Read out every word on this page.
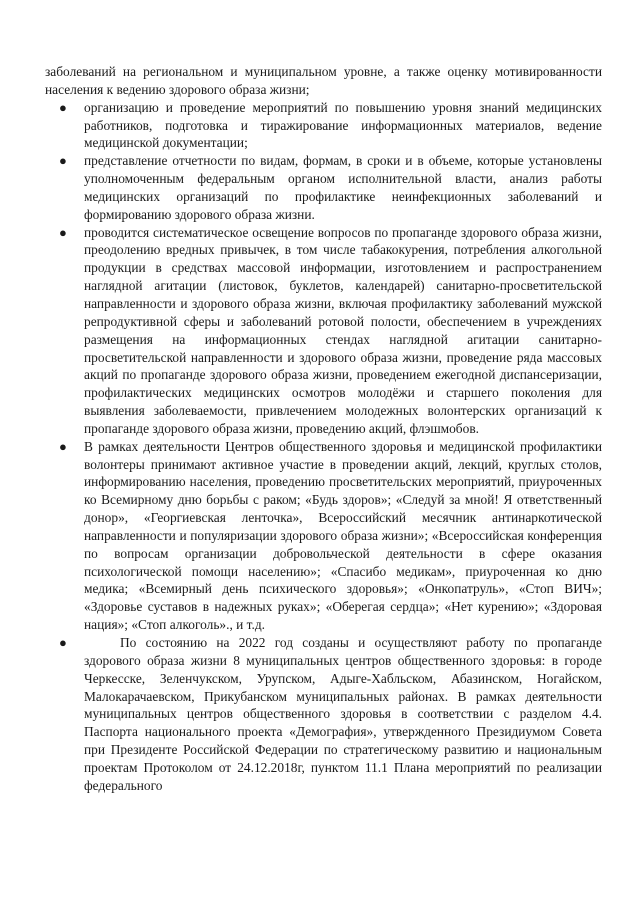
заболеваний на региональном и муниципальном уровне, а также оценку мотивированности населения к ведению здорового образа жизни;

● организацию и проведение мероприятий по повышению уровня знаний медицинских работников, подготовка и тиражирование информационных материалов, ведение медицинской документации;
● представление отчетности по видам, формам, в сроки и в объеме, которые установлены уполномоченным федеральным органом исполнительной власти, анализ работы медицинских организаций по профилактике неинфекционных заболеваний и формированию здорового образа жизни.
● проводится систематическое освещение вопросов по пропаганде здорового образа жизни, преодолению вредных привычек, в том числе табакокурения, потребления алкогольной продукции в средствах массовой информации, изготовлением и распространением наглядной агитации (листовок, буклетов, календарей) санитарно-просветительской направленности и здорового образа жизни, включая профилактику заболеваний мужской репродуктивной сферы и заболеваний ротовой полости, обеспечением в учреждениях размещения на информационных стендах наглядной агитации санитарно-просветительской направленности и здорового образа жизни, проведение ряда массовых акций по пропаганде здорового образа жизни, проведением ежегодной диспансеризации, профилактических медицинских осмотров молодёжи и старшего поколения для выявления заболеваемости, привлечением молодежных волонтерских организаций к пропаганде здорового образа жизни, проведению акций, флэшмобов.
● В рамках деятельности Центров общественного здоровья и медицинской профилактики волонтеры принимают активное участие в проведении акций, лекций, круглых столов, информированию населения, проведению просветительских мероприятий, приуроченных ко Всемирному дню борьбы с раком; «Будь здоров»; «Следуй за мной! Я ответственный донор», «Георгиевская ленточка», Всероссийский месячник антинаркотической направленности и популяризации здорового образа жизни»; «Всероссийская конференция по вопросам организации добровольческой деятельности в сфере оказания психологической помощи населению»; «Спасибо медикам», приуроченная ко дню медика; «Всемирный день психического здоровья»; «Онкопатруль», «Стоп ВИЧ»; «Здоровье суставов в надежных руках»; «Оберегая сердца»; «Нет курению»; «Здоровая нация»; «Стоп алкоголь»., и т.д.
●	По состоянию на 2022 год созданы и осуществляют работу по пропаганде здорового образа жизни 8 муниципальных центров общественного здоровья: в городе Черкесске, Зеленчукском, Урупском, Адыге-Хабльском, Абазинском, Ногайском, Малокарачаевском, Прикубанском муниципальных районах. В рамках деятельности муниципальных центров общественного здоровья в соответствии с разделом 4.4. Паспорта национального проекта «Демография», утвержденного Президиумом Совета при Президенте Российской Федерации по стратегическому развитию и национальным проектам Протоколом от 24.12.2018г, пунктом 11.1 Плана мероприятий по реализации федерального
